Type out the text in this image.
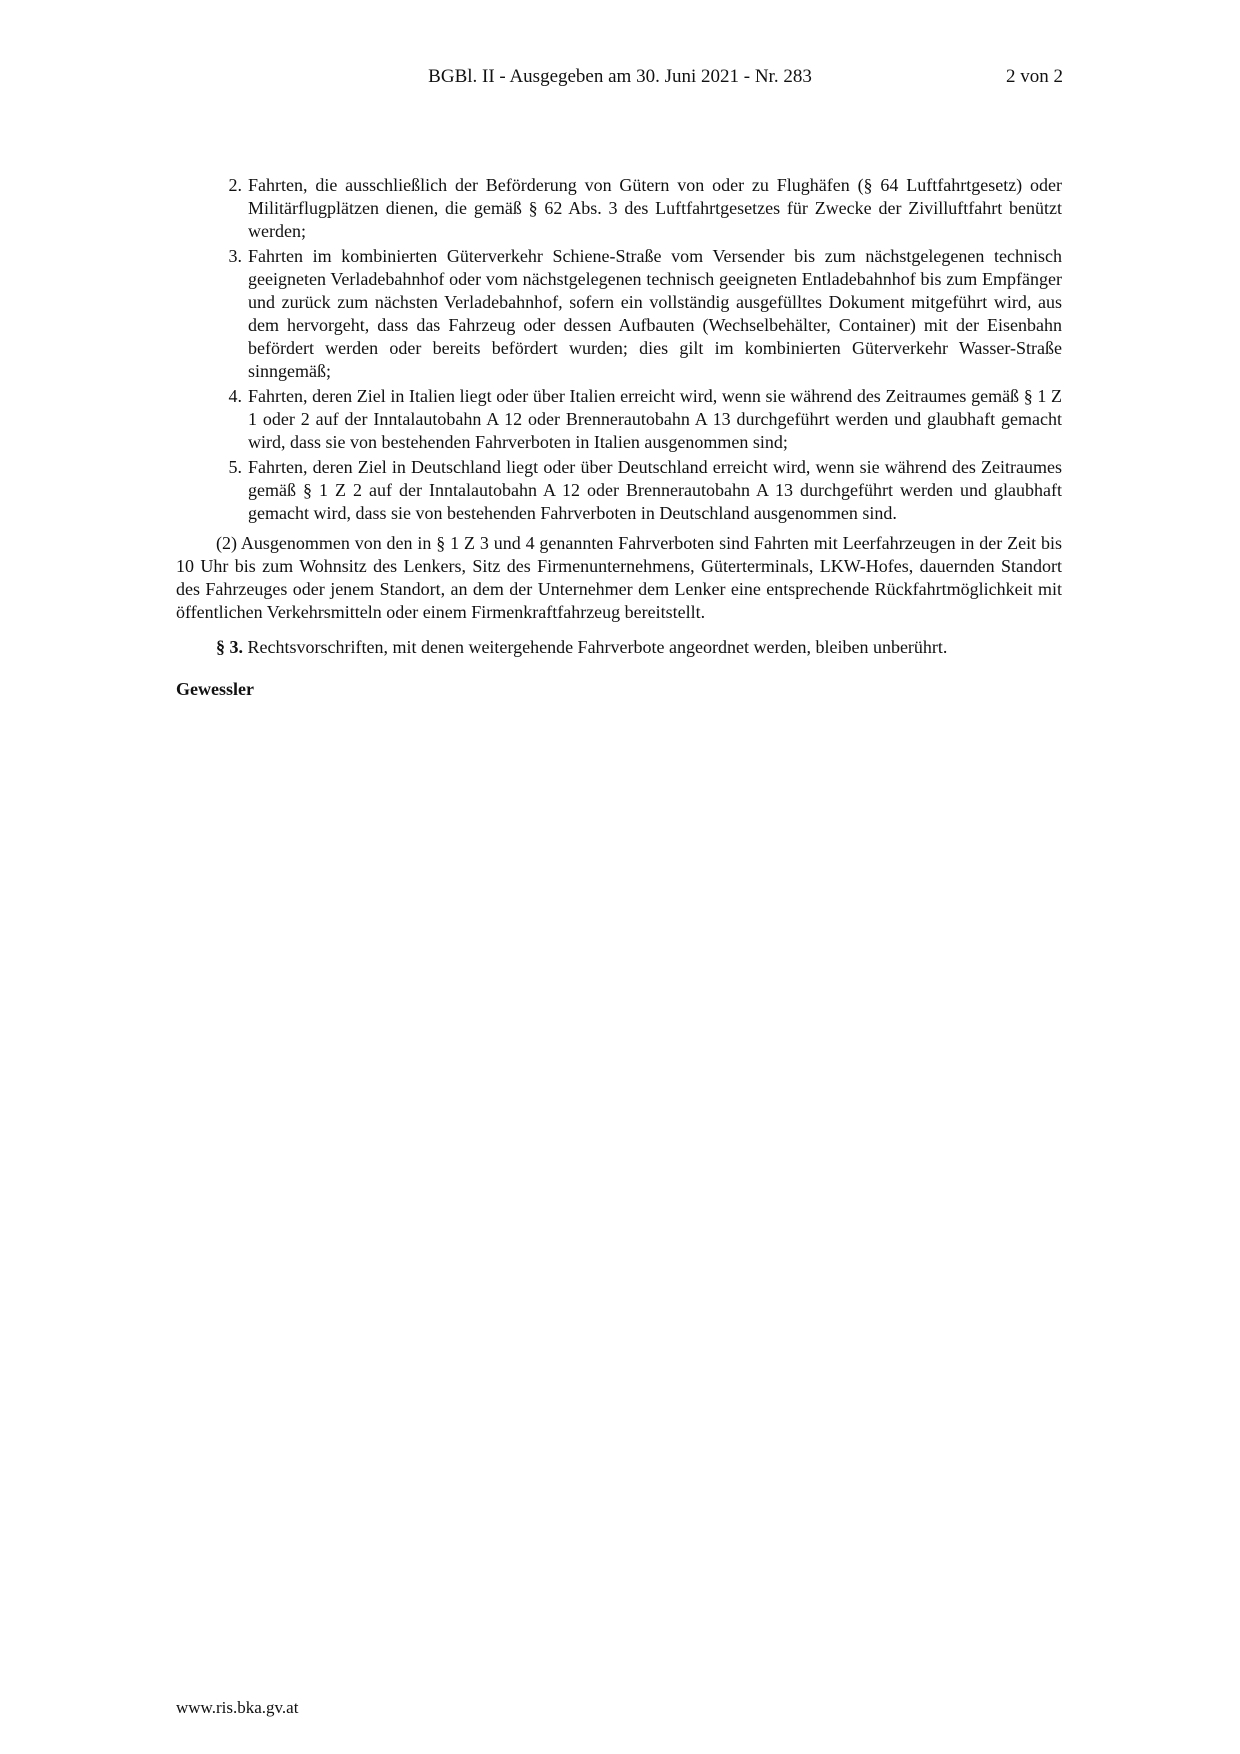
BGBl. II - Ausgegeben am 30. Juni 2021 - Nr. 283	2 von 2
2. Fahrten, die ausschließlich der Beförderung von Gütern von oder zu Flughäfen (§ 64 Luftfahrtgesetz) oder Militärflugplätzen dienen, die gemäß § 62 Abs. 3 des Luftfahrtgesetzes für Zwecke der Zivilluftfahrt benützt werden;
3. Fahrten im kombinierten Güterverkehr Schiene-Straße vom Versender bis zum nächstgelegenen technisch geeigneten Verladebahnhof oder vom nächstgelegenen technisch geeigneten Entladebahnhof bis zum Empfänger und zurück zum nächsten Verladebahnhof, sofern ein vollständig ausgefülltes Dokument mitgeführt wird, aus dem hervorgeht, dass das Fahrzeug oder dessen Aufbauten (Wechselbehälter, Container) mit der Eisenbahn befördert werden oder bereits befördert wurden; dies gilt im kombinierten Güterverkehr Wasser-Straße sinngemäß;
4. Fahrten, deren Ziel in Italien liegt oder über Italien erreicht wird, wenn sie während des Zeitraumes gemäß § 1 Z 1 oder 2 auf der Inntalautobahn A 12 oder Brennerautobahn A 13 durchgeführt werden und glaubhaft gemacht wird, dass sie von bestehenden Fahrverboten in Italien ausgenommen sind;
5. Fahrten, deren Ziel in Deutschland liegt oder über Deutschland erreicht wird, wenn sie während des Zeitraumes gemäß § 1 Z 2 auf der Inntalautobahn A 12 oder Brennerautobahn A 13 durchgeführt werden und glaubhaft gemacht wird, dass sie von bestehenden Fahrverboten in Deutschland ausgenommen sind.

(2) Ausgenommen von den in § 1 Z 3 und 4 genannten Fahrverboten sind Fahrten mit Leerfahrzeugen in der Zeit bis 10 Uhr bis zum Wohnsitz des Lenkers, Sitz des Firmenunternehmens, Güterterminals, LKW-Hofes, dauernden Standort des Fahrzeuges oder jenem Standort, an dem der Unternehmer dem Lenker eine entsprechende Rückfahrtmöglichkeit mit öffentlichen Verkehrsmitteln oder einem Firmenkraftfahrzeug bereitstellt.

§ 3. Rechtsvorschriften, mit denen weitergehende Fahrverbote angeordnet werden, bleiben unberührt.

Gewessler
www.ris.bka.gv.at
